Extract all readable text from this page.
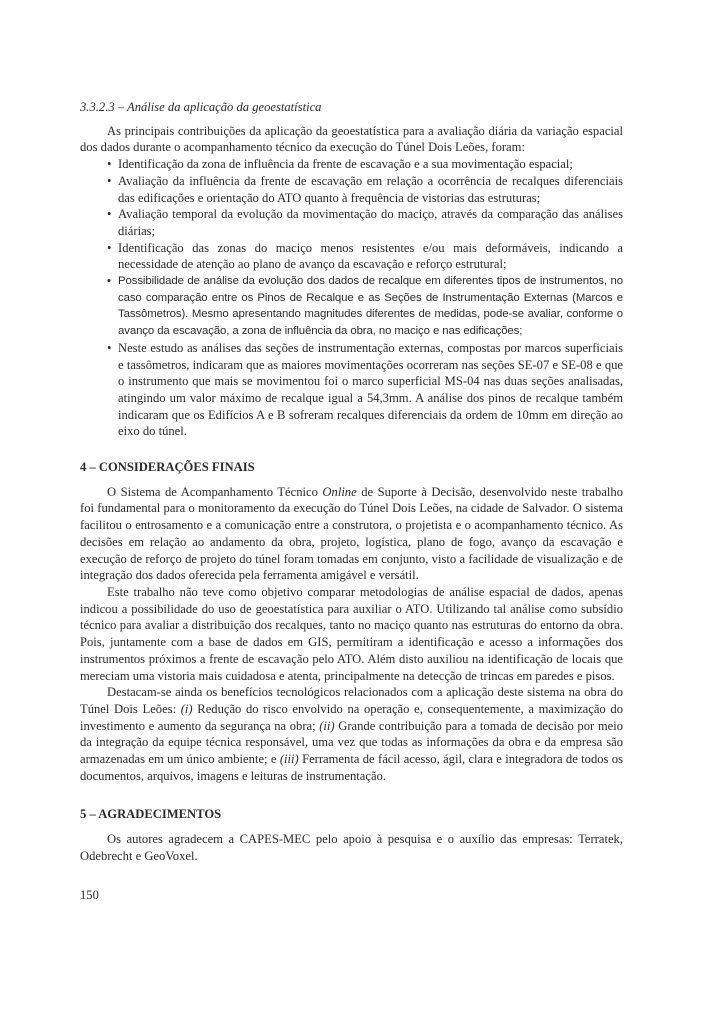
3.3.2.3 – Análise da aplicação da geoestatística

As principais contribuições da aplicação da geoestatística para a avaliação diária da variação espacial dos dados durante o acompanhamento técnico da execução do Túnel Dois Leões, foram:

• Identificação da zona de influência da frente de escavação e a sua movimentação espacial;
• Avaliação da influência da frente de escavação em relação a ocorrência de recalques diferenciais das edificações e orientação do ATO quanto à frequência de vistorias das estruturas;
• Avaliação temporal da evolução da movimentação do maciço, através da comparação das análises diárias;
• Identificação das zonas do maciço menos resistentes e/ou mais deformáveis, indicando a necessidade de atenção ao plano de avanço da escavação e reforço estrutural;
• Possibilidade de análise da evolução dos dados de recalque em diferentes tipos de instrumentos, no caso comparação entre os Pinos de Recalque e as Seções de Instrumentação Externas (Marcos e Tassômetros). Mesmo apresentando magnitudes diferentes de medidas, pode-se avaliar, conforme o avanço da escavação, a zona de influência da obra, no maciço e nas edificações;
• Neste estudo as análises das seções de instrumentação externas, compostas por marcos superficiais e tassômetros, indicaram que as maiores movimentações ocorreram nas seções SE-07 e SE-08 e que o instrumento que mais se movimentou foi o marco superficial MS-04 nas duas seções analisadas, atingindo um valor máximo de recalque igual a 54,3mm. A análise dos pinos de recalque também indicaram que os Edifícios A e B sofreram recalques diferenciais da ordem de 10mm em direção ao eixo do túnel.
4 – CONSIDERAÇÕES FINAIS

O Sistema de Acompanhamento Técnico Online de Suporte à Decisão, desenvolvido neste trabalho foi fundamental para o monitoramento da execução do Túnel Dois Leões, na cidade de Salvador. O sistema facilitou o entrosamento e a comunicação entre a construtora, o projetista e o acompanhamento técnico. As decisões em relação ao andamento da obra, projeto, logística, plano de fogo, avanço da escavação e execução de reforço de projeto do túnel foram tomadas em conjunto, visto a facilidade de visualização e de integração dos dados oferecida pela ferramenta amigável e versátil.

Este trabalho não teve como objetivo comparar metodologias de análise espacial de dados, apenas indicou a possibilidade do uso de geoestatística para auxiliar o ATO. Utilizando tal análise como subsídio técnico para avaliar a distribuição dos recalques, tanto no maciço quanto nas estruturas do entorno da obra. Pois, juntamente com a base de dados em GIS, permitiram a identificação e acesso a informações dos instrumentos próximos a frente de escavação pelo ATO. Além disto auxiliou na identificação de locais que mereciam uma vistoria mais cuidadosa e atenta, principalmente na detecção de trincas em paredes e pisos.

Destacam-se ainda os benefícios tecnológicos relacionados com a aplicação deste sistema na obra do Túnel Dois Leões: (i) Redução do risco envolvido na operação e, consequentemente, a maximização do investimento e aumento da segurança na obra; (ii) Grande contribuição para a tomada de decisão por meio da integração da equipe técnica responsável, uma vez que todas as informações da obra e da empresa são armazenadas em um único ambiente; e (iii) Ferramenta de fácil acesso, ágil, clara e integradora de todos os documentos, arquivos, imagens e leituras de instrumentação.

5 – AGRADECIMENTOS

Os autores agradecem a CAPES-MEC pelo apoio à pesquisa e o auxílio das empresas: Terratek, Odebrecht e GeoVoxel.

150
